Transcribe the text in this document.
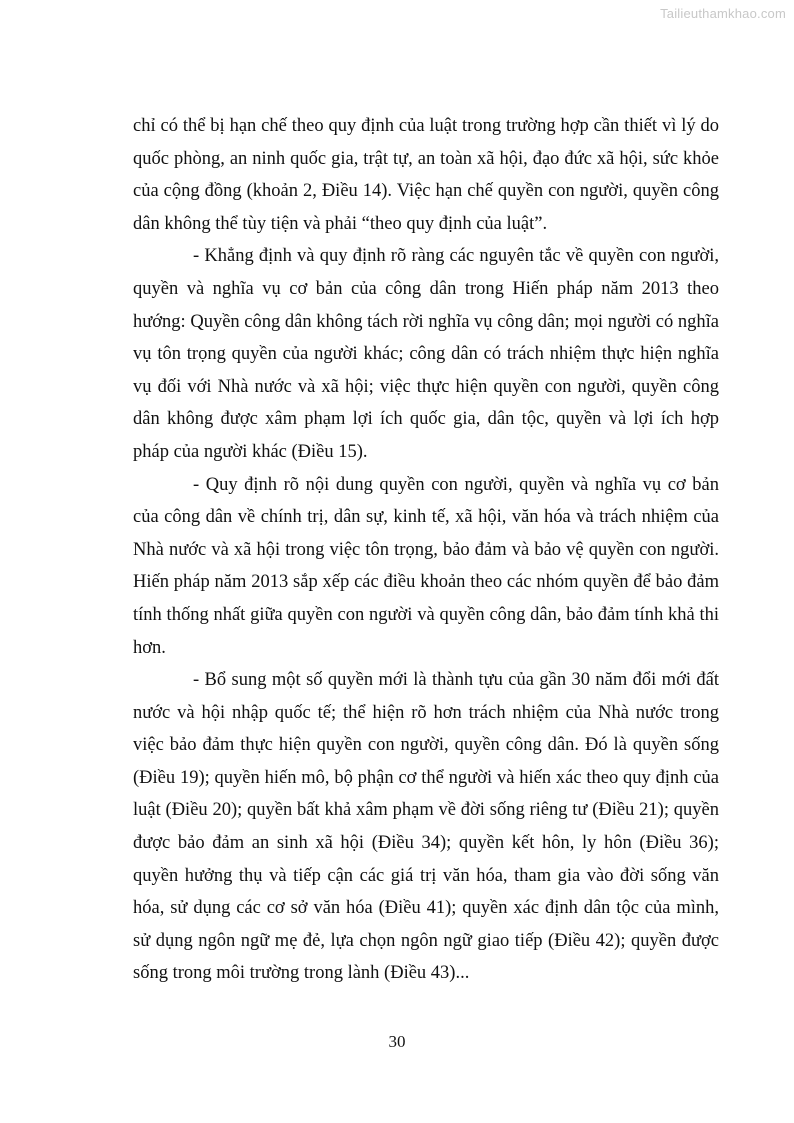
Tailieuthamkhao.com

chỉ có thể bị hạn chế theo quy định của luật trong trường hợp cần thiết vì lý do quốc phòng, an ninh quốc gia, trật tự, an toàn xã hội, đạo đức xã hội, sức khỏe của cộng đồng (khoản 2, Điều 14). Việc hạn chế quyền con người, quyền công dân không thể tùy tiện và phải “theo quy định của luật”.

- Khẳng định và quy định rõ ràng các nguyên tắc về quyền con người, quyền và nghĩa vụ cơ bản của công dân trong Hiến pháp năm 2013 theo hướng: Quyền công dân không tách rời nghĩa vụ công dân; mọi người có nghĩa vụ tôn trọng quyền của người khác; công dân có trách nhiệm thực hiện nghĩa vụ đối với Nhà nước và xã hội; việc thực hiện quyền con người, quyền công dân không được xâm phạm lợi ích quốc gia, dân tộc, quyền và lợi ích hợp pháp của người khác (Điều 15).

- Quy định rõ nội dung quyền con người, quyền và nghĩa vụ cơ bản của công dân về chính trị, dân sự, kinh tế, xã hội, văn hóa và trách nhiệm của Nhà nước và xã hội trong việc tôn trọng, bảo đảm và bảo vệ quyền con người. Hiến pháp năm 2013 sắp xếp các điều khoản theo các nhóm quyền để bảo đảm tính thống nhất giữa quyền con người và quyền công dân, bảo đảm tính khả thi hơn.

- Bổ sung một số quyền mới là thành tựu của gần 30 năm đổi mới đất nước và hội nhập quốc tế; thể hiện rõ hơn trách nhiệm của Nhà nước trong việc bảo đảm thực hiện quyền con người, quyền công dân. Đó là quyền sống (Điều 19); quyền hiến mô, bộ phận cơ thể người và hiến xác theo quy định của luật (Điều 20); quyền bất khả xâm phạm về đời sống riêng tư (Điều 21); quyền được bảo đảm an sinh xã hội (Điều 34); quyền kết hôn, ly hôn (Điều 36); quyền hưởng thụ và tiếp cận các giá trị văn hóa, tham gia vào đời sống văn hóa, sử dụng các cơ sở văn hóa (Điều 41); quyền xác định dân tộc của mình, sử dụng ngôn ngữ mẹ đẻ, lựa chọn ngôn ngữ giao tiếp (Điều 42); quyền được sống trong môi trường trong lành (Điều 43)...

30
